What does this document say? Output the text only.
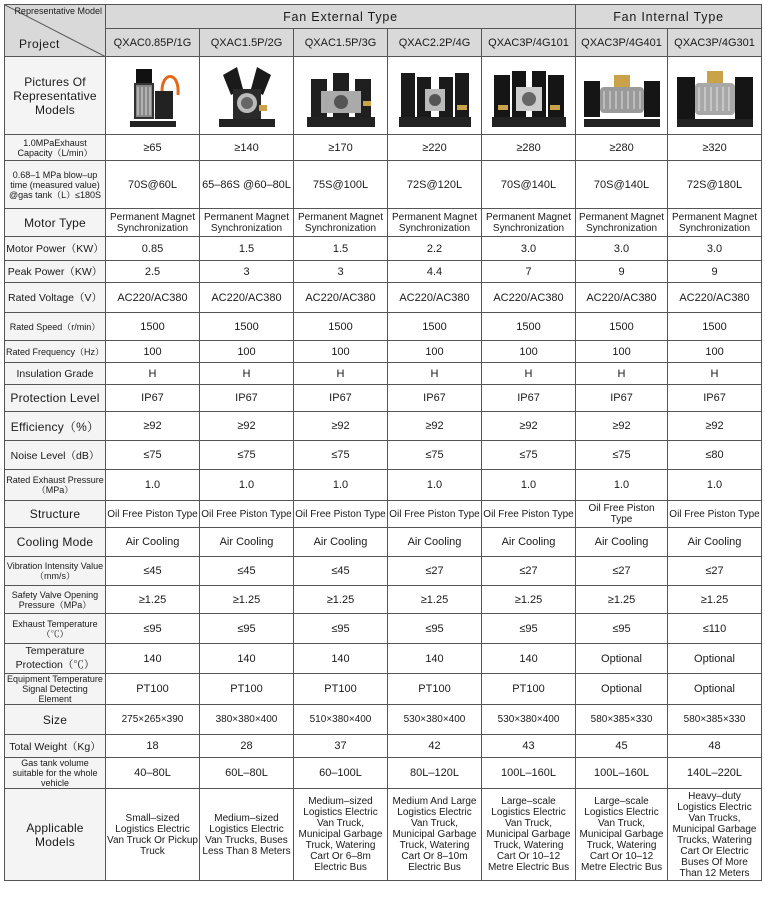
Representative Model
Project	Fan External Type					Fan Internal Type	
	QXAC0.85P/1G	QXAC1.5P/2G	QXAC1.5P/3G	QXAC2.2P/4G	QXAC3P/4G101	QXAC3P/4G401	QXAC3P/4G301
Pictures Of Representative Models	

1.0MPaExhaust Capacity（L/min）	≥65	≥140	≥170	≥220	≥280	≥280	≥320
0.68–1 MPa blow–up time (measured value) @gas tank（L）≤180S	70S@60L	65–86S @60–80L	75S@100L	72S@120L	70S@140L	70S@140L	72S@180L
Motor Type	Permanent Magnet Synchronization	Permanent Magnet Synchronization	Permanent Magnet Synchronization	Permanent Magnet Synchronization	Permanent Magnet Synchronization	Permanent Magnet Synchronization	Permanent Magnet Synchronization
Motor Power（KW）	0.85	1.5	1.5	2.2	3.0	3.0	3.0
Peak Power（KW）	2.5	3	3	4.4	7	9	9
Rated Voltage（V）	AC220/AC380	AC220/AC380	AC220/AC380	AC220/AC380	AC220/AC380	AC220/AC380	AC220/AC380
Rated Speed（r/min）	1500	1500	1500	1500	1500	1500	1500
Rated Frequency（Hz）	100	100	100	100	100	100	100
Insulation Grade	H	H	H	H	H	H	H
Protection Level	IP67	IP67	IP67	IP67	IP67	IP67	IP67
Efficiency（%）	≥92	≥92	≥92	≥92	≥92	≥92	≥92
Noise Level（dB）	≤75	≤75	≤75	≤75	≤75	≤75	≤80
Rated Exhaust Pressure（MPa）	1.0	1.0	1.0	1.0	1.0	1.0	1.0
Structure	Oil Free Piston Type	Oil Free Piston Type	Oil Free Piston Type	Oil Free Piston Type	Oil Free Piston Type	Oil Free Piston Type	Oil Free Piston Type
Cooling Mode	Air Cooling	Air Cooling	Air Cooling	Air Cooling	Air Cooling	Air Cooling	Air Cooling
Vibration Intensity Value（mm/s）	≤45	≤45	≤45	≤27	≤27	≤27	≤27
Safety Valve Opening Pressure（MPa）	≥1.25	≥1.25	≥1.25	≥1.25	≥1.25	≥1.25	≥1.25
Exhaust Temperature（℃）	≤95	≤95	≤95	≤95	≤95	≤95	≤110
Temperature Protection（℃）	140	140	140	140	140	Optional	Optional
Equipment Temperature Signal Detecting Element	PT100	PT100	PT100	PT100	PT100	Optional	Optional
Size	275×265×390	380×380×400	510×380×400	530×380×400	530×380×400	580×385×330	580×385×330
Total Weight（Kg）	18	28	37	42	43	45	48
Gas tank volume suitable for the whole vehicle	40–80L	60L–80L	60–100L	80L–120L	100L–160L	100L–160L	140L–220L
Applicable Models	Small–sized Logistics Electric Van Truck Or Pickup Truck	Medium–sized Logistics Electric Van Trucks, Buses Less Than 8 Meters	Medium–sized Logistics Electric Van Truck, Municipal Garbage Truck, Watering Cart Or 6–8m Electric Bus	Medium And Large Logistics Electric Van Truck, Municipal Garbage Truck, Watering Cart Or 8–10m Electric Bus	Large–scale Logistics Electric Van Truck, Municipal Garbage Truck, Watering Cart Or 10–12 Metre Electric Bus	Large–scale Logistics Electric Van Truck, Municipal Garbage Truck, Watering Cart Or 10–12 Metre Electric Bus	Heavy–duty Logistics Electric Van Trucks, Municipal Garbage Trucks, Watering Cart Or Electric Buses Of More Than 12 Meters
